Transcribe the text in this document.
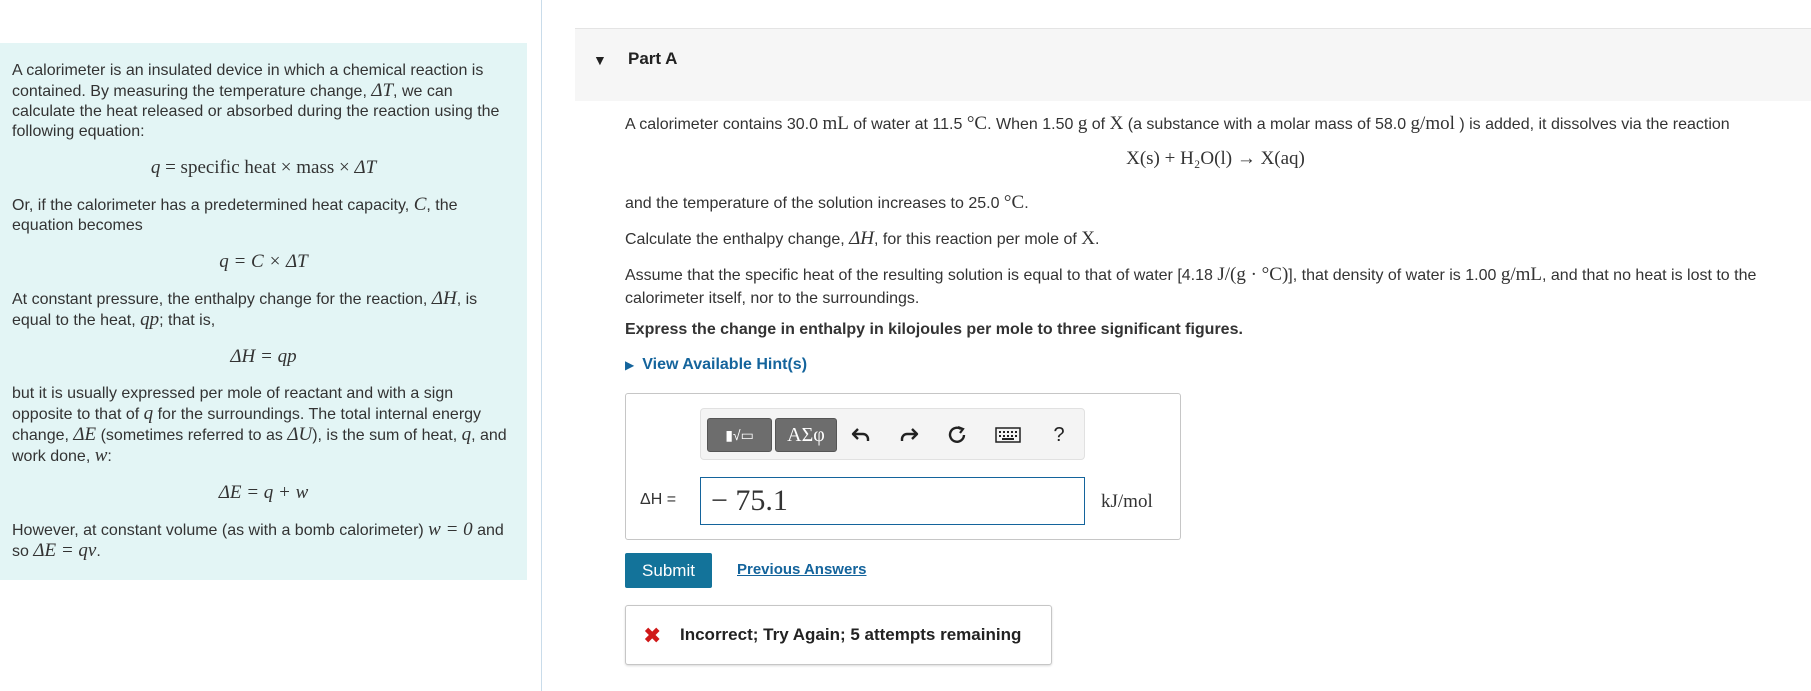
A calorimeter is an insulated device in which a chemical reaction is contained. By measuring the temperature change, ΔT, we can calculate the heat released or absorbed during the reaction using the following equation:

q = specific heat × mass × ΔT

Or, if the calorimeter has a predetermined heat capacity, C, the equation becomes

q = C × ΔT

At constant pressure, the enthalpy change for the reaction, ΔH, is equal to the heat, qp; that is,

ΔH = qp

but it is usually expressed per mole of reactant and with a sign opposite to that of q for the surroundings. The total internal energy change, ΔE (sometimes referred to as ΔU), is the sum of heat, q, and work done, w:

ΔE = q + w

However, at constant volume (as with a bomb calorimeter) w = 0 and so ΔE = qv.

▼ Part A
A calorimeter contains 30.0 mL of water at 11.5 °C. When 1.50 g of X (a substance with a molar mass of 58.0 g/mol ) is added, it dissolves via the reaction
X(s) + H₂O(l) → X(aq)
and the temperature of the solution increases to 25.0 °C.
Calculate the enthalpy change, ΔH, for this reaction per mole of X.
Assume that the specific heat of the resulting solution is equal to that of water [4.18 J/(g · °C)], that density of water is 1.00 g/mL, and that no heat is lost to the calorimeter itself, nor to the surroundings.
Express the change in enthalpy in kilojoules per mole to three significant figures.
▶ View Available Hint(s)
▮√▭	ΑΣφ	?
ΔH =	− 75.1	kJ/mol
Submit	Previous Answers
✖ Incorrect; Try Again; 5 attempts remaining
